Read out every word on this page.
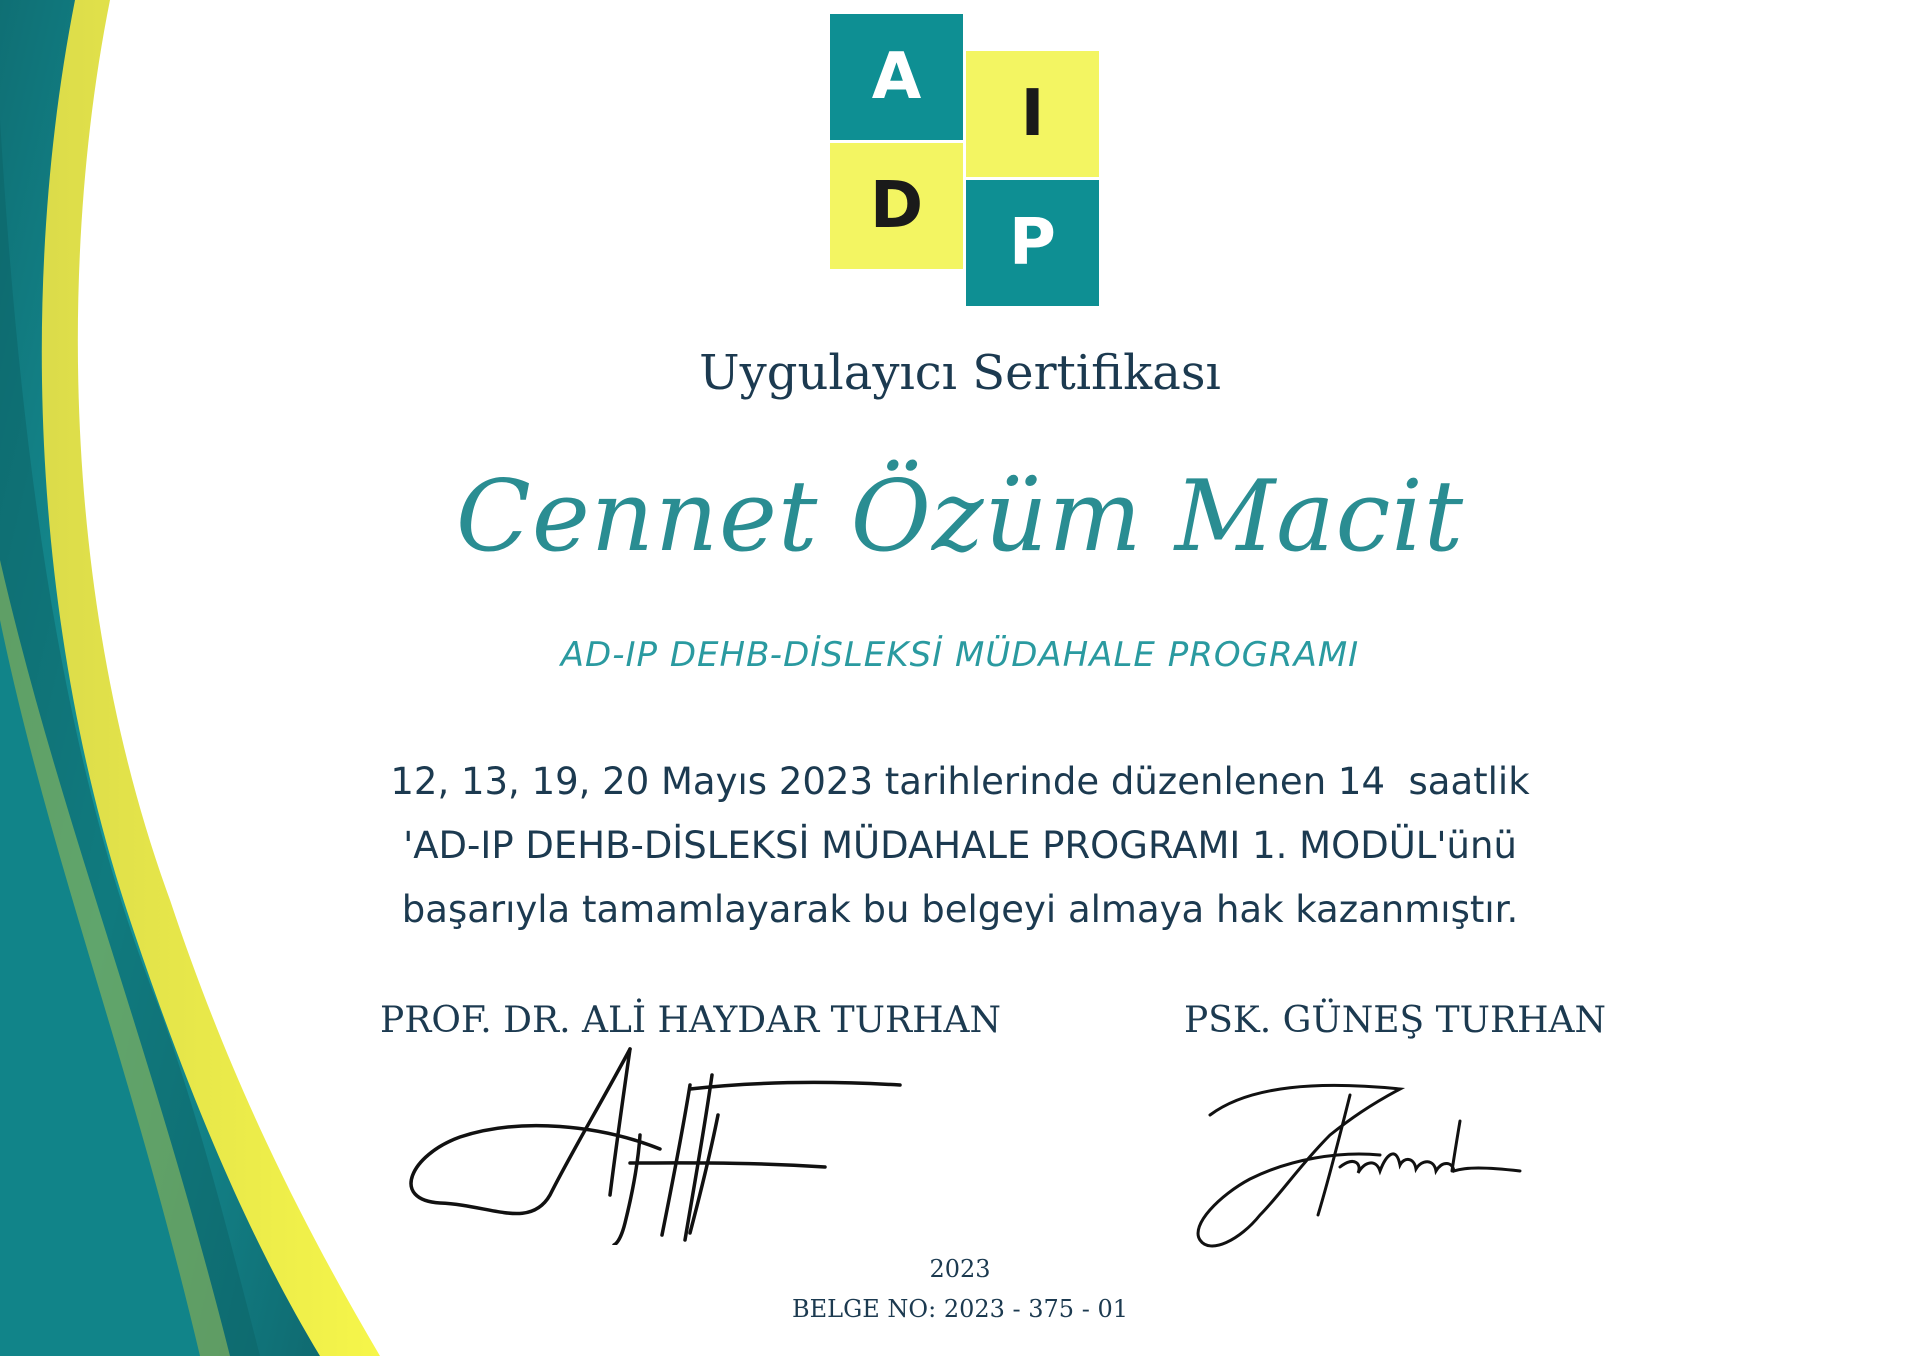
A I
D P
Uygulayıcı Sertifikası
Cennet Özüm Macit
AD-IP DEHB-DİSLEKSİ MÜDAHALE PROGRAMI
12, 13, 19, 20 Mayıs 2023 tarihlerinde düzenlenen 14  saatlik
'AD-IP DEHB-DİSLEKSİ MÜDAHALE PROGRAMI 1. MODÜL'ünü
başarıyla tamamlayarak bu belgeyi almaya hak kazanmıştır.
PROF. DR. ALİ HAYDAR TURHAN	PSK. GÜNEŞ TURHAN
2023
BELGE NO: 2023 - 375 - 01
